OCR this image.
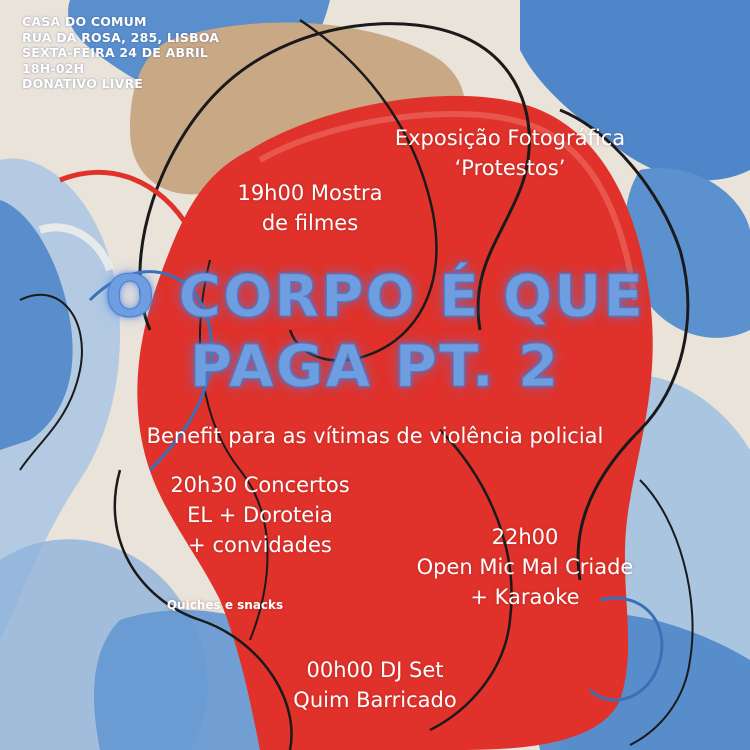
CASA DO COMUM
RUA DA ROSA, 285, LISBOA
SEXTA-FEIRA 24 DE ABRIL
18H-02H
DONATIVO LIVRE
Exposição Fotográfica
‘Protestos’
19h00 Mostra
de filmes
O CORPO É QUE
PAGA PT. 2
Benefit para as vítimas de violência policial
20h30 Concertos
EL + Doroteia
+ convidades	22h00
Open Mic Mal Criade
+ Karaoke
Quiches e snacks
00h00 DJ Set
Quim Barricado
